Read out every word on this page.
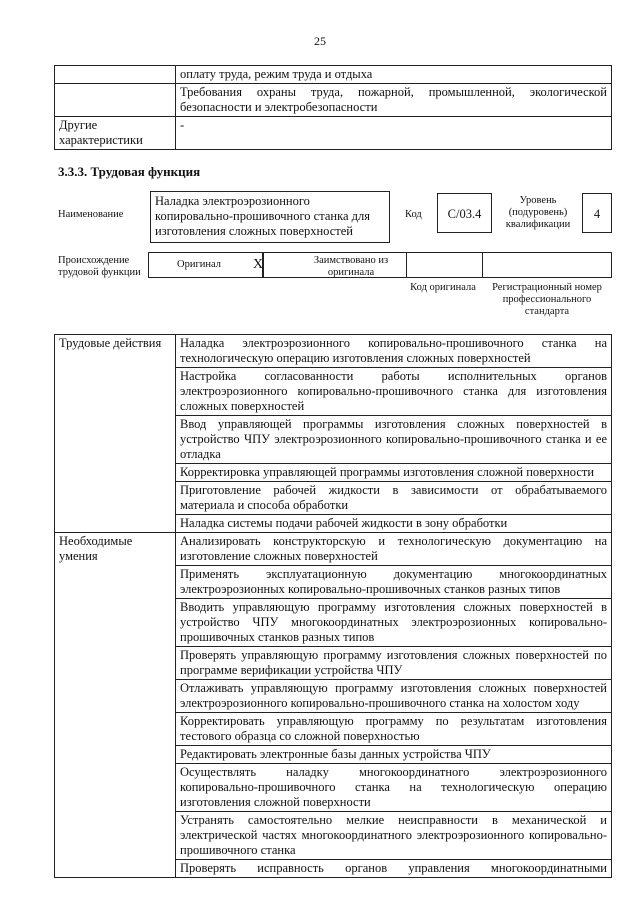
25
	оплату труда, режим труда и отдыха
	Требования охраны труда, пожарной, промышленной, экологической безопасности и электробезопасности
Другие характеристики	-
3.3.3. Трудовая функция
Наименование
Наладка электроэрозионного копировально-прошивочного станка для изготовления сложных поверхностей
Код	С/03.4
Уровень (подуровень) квалификации
4
Происхождение трудовой функции
Оригинал X	Заимствовано из оригинала
Код оригинала	Регистрационный номер профессионального стандарта
Трудовые действия	Наладка электроэрозионного копировально-прошивочного станка на технологическую операцию изготовления сложных поверхностей
	Настройка согласованности работы исполнительных органов электроэрозионного копировально-прошивочного станка для изготовления сложных поверхностей
	Ввод управляющей программы изготовления сложных поверхностей в устройство ЧПУ электроэрозионного копировально-прошивочного станка и ее отладка
	Корректировка управляющей программы изготовления сложной поверхности
	Приготовление рабочей жидкости в зависимости от обрабатываемого материала и способа обработки
	Наладка системы подачи рабочей жидкости в зону обработки
Необходимые умения	Анализировать конструкторскую и технологическую документацию на изготовление сложных поверхностей
	Применять эксплуатационную документацию многокоординатных электроэрозионных копировально-прошивочных станков разных типов
	Вводить управляющую программу изготовления сложных поверхностей в устройство ЧПУ многокоординатных электроэрозионных копировально-прошивочных станков разных типов
	Проверять управляющую программу изготовления сложных поверхностей по программе верификации устройства ЧПУ
	Отлаживать управляющую программу изготовления сложных поверхностей электроэрозионного копировально-прошивочного станка на холостом ходу
	Корректировать управляющую программу по результатам изготовления тестового образца со сложной поверхностью
	Редактировать электронные базы данных устройства ЧПУ
	Осуществлять наладку многокоординатного электроэрозионного копировально-прошивочного станка на технологическую операцию изготовления сложной поверхности
	Устранять самостоятельно мелкие неисправности в механической и электрической частях многокоординатного электроэрозионного копировально-прошивочного станка
	Проверять исправность органов управления многокоординатными
